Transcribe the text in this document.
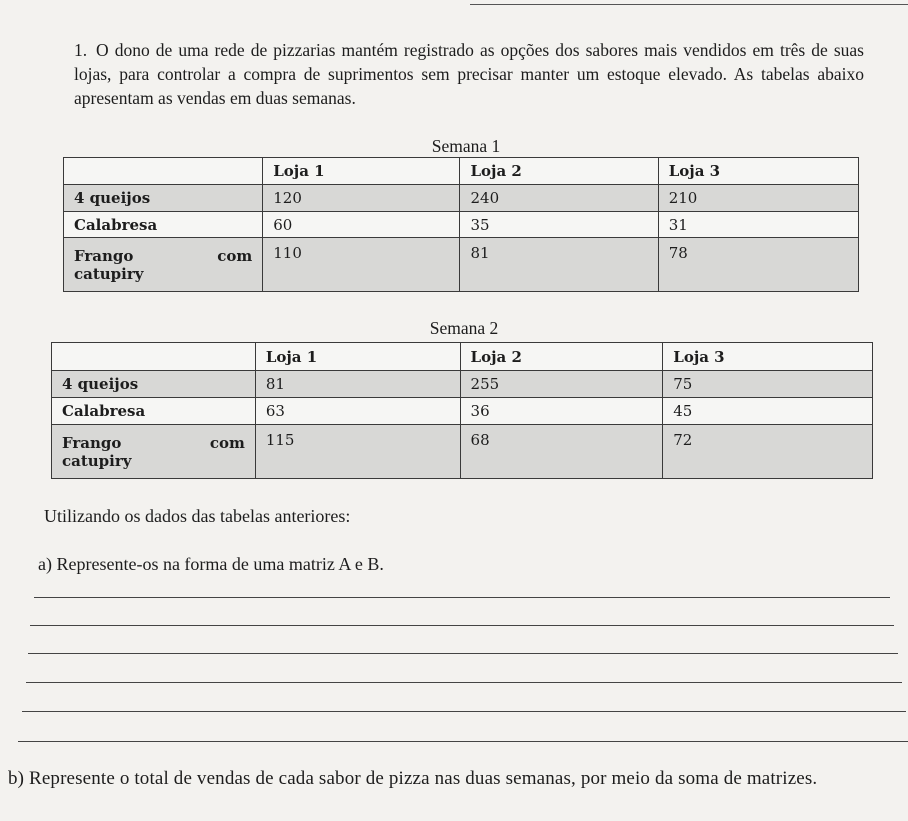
1. O dono de uma rede de pizzarias mantém registrado as opções dos sabores mais vendidos em três de suas lojas, para controlar a compra de suprimentos sem precisar manter um estoque elevado. As tabelas abaixo apresentam as vendas em duas semanas.

Semana 1
	Loja 1	Loja 2	Loja 3
4 queijos	120	240	210
Calabresa	60	35	31

Frango com
catupiry	110	81	78
Semana 2
	Loja 1	Loja 2	Loja 3
4 queijos	81	255	75
Calabresa	63	36	45

Frango com
catupiry	115	68	72
Utilizando os dados das tabelas anteriores:
a) Represente-os na forma de uma matriz A e B.
b) Represente o total de vendas de cada sabor de pizza nas duas semanas, por meio da soma de matrizes.
